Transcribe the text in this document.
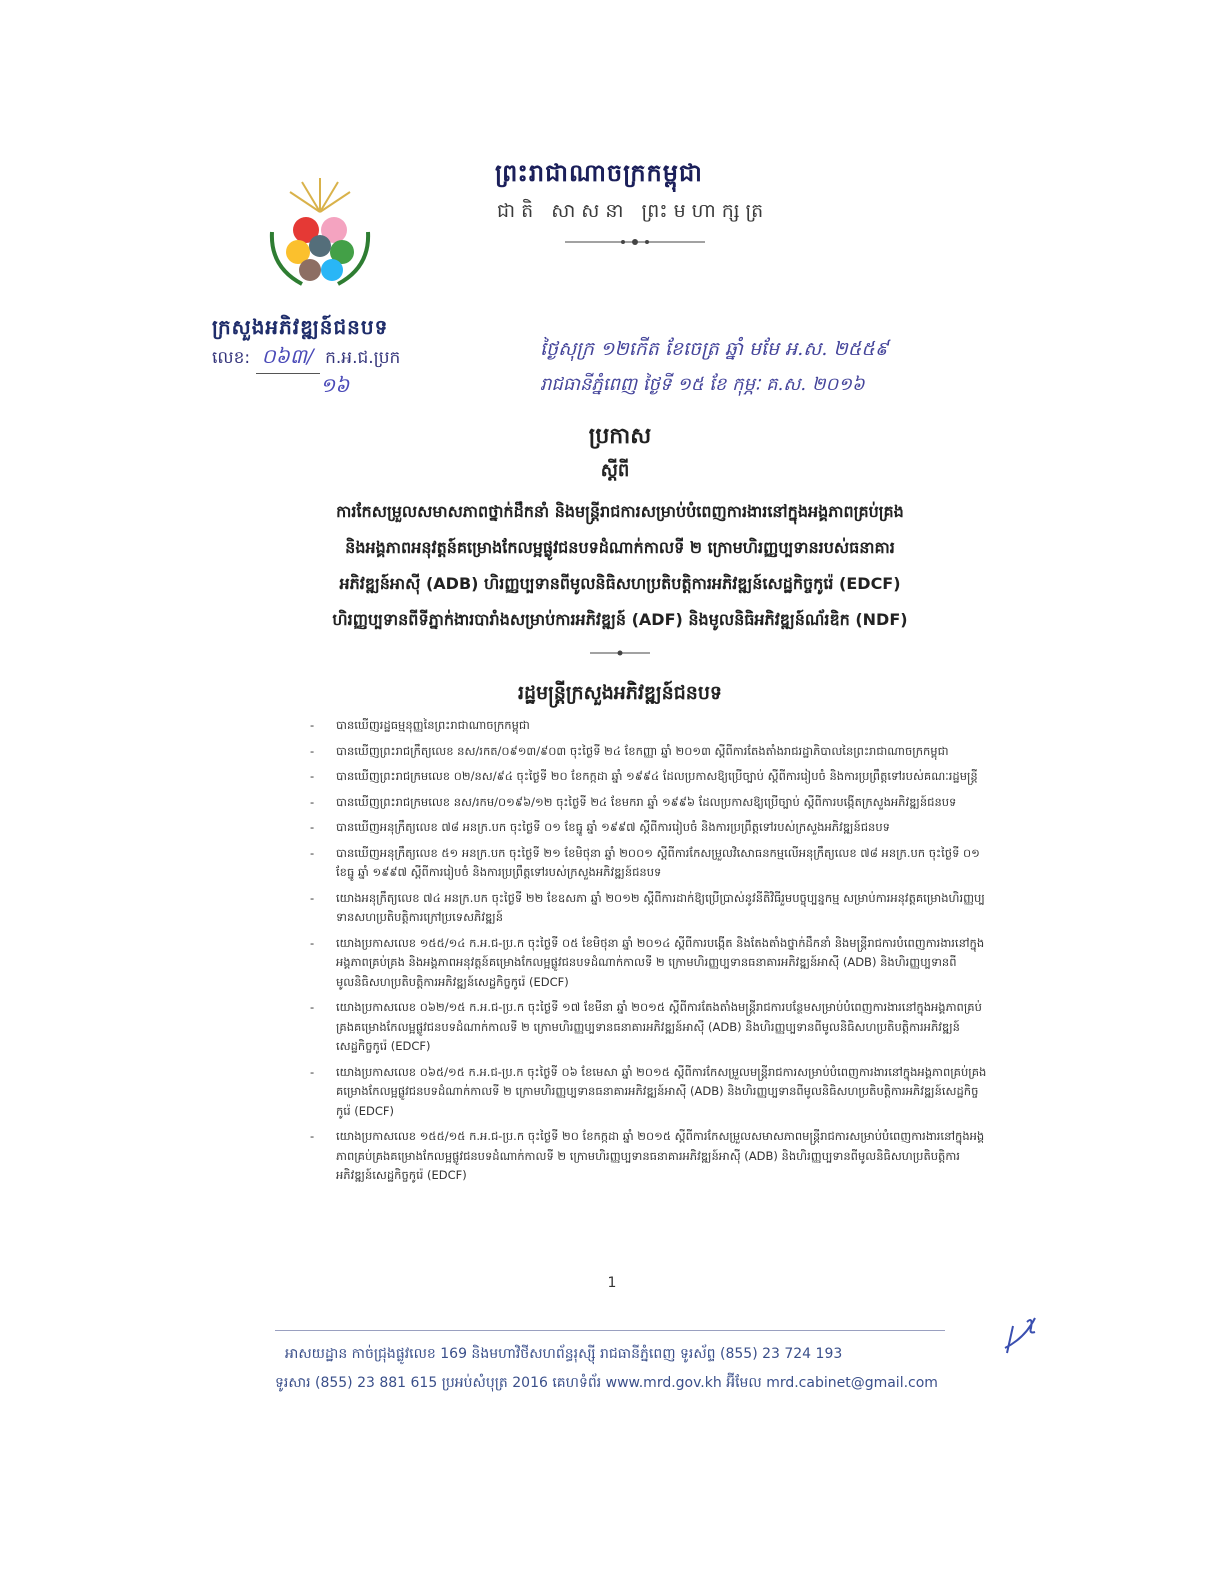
ព្រះរាជាណាចក្រកម្ពុជា
ជាតិ សាសនា ព្រះមហាក្សត្រ
ក្រសួងអភិវឌ្ឍន៍ជនបទ
លេខ: ០៦៣/ ក.អ.ជ.ប្រក
១៦
ថ្ងៃសុក្រ ១២កើត ខែចេត្រ ឆ្នាំ មមែ អ.ស. ២៥៥៩
រាជធានីភ្នំពេញ ថ្ងៃទី ១៥ ខែ កុម្ភៈ គ.ស. ២០១៦
ប្រកាស
ស្ដីពី
ការកែសម្រួលសមាសភាពថ្នាក់ដឹកនាំ និងមន្ត្រីរាជការសម្រាប់បំពេញការងារនៅក្នុងអង្គភាពគ្រប់គ្រង
និងអង្គភាពអនុវត្តន៍គម្រោងកែលម្អផ្លូវជនបទដំណាក់កាលទី ២ ក្រោមហិរញ្ញប្បទានរបស់ធនាគារ
អភិវឌ្ឍន៍អាស៊ី (ADB) ហិរញ្ញប្បទានពីមូលនិធិសហប្រតិបត្តិការអភិវឌ្ឍន៍សេដ្ឋកិច្ចកូរ៉េ (EDCF)
ហិរញ្ញប្បទានពីទីភ្នាក់ងារបារាំងសម្រាប់ការអភិវឌ្ឍន៍ (ADF) និងមូលនិធិអភិវឌ្ឍន៍ណ័រឌិក (NDF)
រដ្ឋមន្ត្រីក្រសួងអភិវឌ្ឍន៍ជនបទ
- បានឃើញរដ្ឋធម្មនុញ្ញនៃព្រះរាជាណាចក្រកម្ពុជា
- បានឃើញព្រះរាជក្រឹត្យលេខ នស/រកត/០៩១៣/៩០៣ ចុះថ្ងៃទី ២៤ ខែកញ្ញា ឆ្នាំ ២០១៣ ស្ដីពីការតែងតាំងរាជរដ្ឋាភិបាលនៃព្រះរាជាណាចក្រកម្ពុជា
- បានឃើញព្រះរាជក្រមលេខ ០២/នស/៩៤ ចុះថ្ងៃទី ២០ ខែកក្កដា ឆ្នាំ ១៩៩៤ ដែលប្រកាសឱ្យប្រើច្បាប់ ស្ដីពីការរៀបចំ និងការប្រព្រឹត្តទៅរបស់គណៈរដ្ឋមន្ត្រី
- បានឃើញព្រះរាជក្រមលេខ នស/រកម/០១៩៦/១២ ចុះថ្ងៃទី ២៤ ខែមករា ឆ្នាំ ១៩៩៦ ដែលប្រកាសឱ្យប្រើច្បាប់ ស្ដីពីការបង្កើតក្រសួងអភិវឌ្ឍន៍ជនបទ
- បានឃើញអនុក្រឹត្យលេខ ៧៨ អនក្រ.បក ចុះថ្ងៃទី ០១ ខែធ្នូ ឆ្នាំ ១៩៩៧ ស្ដីពីការរៀបចំ និងការប្រព្រឹត្តទៅរបស់ក្រសួងអភិវឌ្ឍន៍ជនបទ
- បានឃើញអនុក្រឹត្យលេខ ៥១ អនក្រ.បក ចុះថ្ងៃទី ២១ ខែមិថុនា ឆ្នាំ ២០០១ ស្ដីពីការកែសម្រួលវិសោធនកម្មលើអនុក្រឹត្យលេខ ៧៨ អនក្រ.បក ចុះថ្ងៃទី ០១ ខែធ្នូ ឆ្នាំ ១៩៩៧ ស្ដីពីការរៀបចំ និងការប្រព្រឹត្តទៅរបស់ក្រសួងអភិវឌ្ឍន៍ជនបទ
- យោងអនុក្រឹត្យលេខ ៧៤ អនក្រ.បក ចុះថ្ងៃទី ២២ ខែឧសភា ឆ្នាំ ២០១២ ស្ដីពីការដាក់ឱ្យប្រើប្រាស់នូវនីតិវិធីរួមបច្ចុប្បន្នកម្ម សម្រាប់ការអនុវត្តគម្រោងហិរញ្ញប្បទានសហប្រតិបត្តិការក្រៅប្រទេសភិវឌ្ឍន៍
- យោងប្រកាសលេខ ១៥៥/១៤ ក.អ.ជ-ប្រ.ក ចុះថ្ងៃទី ០៥ ខែមិថុនា ឆ្នាំ ២០១៤ ស្ដីពីការបង្កើត និងតែងតាំងថ្នាក់ដឹកនាំ និងមន្ត្រីរាជការបំពេញការងារនៅក្នុងអង្គភាពគ្រប់គ្រង និងអង្គភាពអនុវត្តន៍គម្រោងកែលម្អផ្លូវជនបទដំណាក់កាលទី ២ ក្រោមហិរញ្ញប្បទានធនាគារអភិវឌ្ឍន៍អាស៊ី (ADB) និងហិរញ្ញប្បទានពីមូលនិធិសហប្រតិបត្តិការអភិវឌ្ឍន៍សេដ្ឋកិច្ចកូរ៉េ (EDCF)
- យោងប្រកាសលេខ ០៦២/១៥ ក.អ.ជ-ប្រ.ក ចុះថ្ងៃទី ១៧ ខែមីនា ឆ្នាំ ២០១៥ ស្ដីពីការតែងតាំងមន្ត្រីរាជការបន្ថែមសម្រាប់បំពេញការងារនៅក្នុងអង្គភាពគ្រប់គ្រងគម្រោងកែលម្អផ្លូវជនបទដំណាក់កាលទី ២ ក្រោមហិរញ្ញប្បទានធនាគារអភិវឌ្ឍន៍អាស៊ី (ADB) និងហិរញ្ញប្បទានពីមូលនិធិសហប្រតិបត្តិការអភិវឌ្ឍន៍សេដ្ឋកិច្ចកូរ៉េ (EDCF)
- យោងប្រកាសលេខ ០៦៥/១៥ ក.អ.ជ-ប្រ.ក ចុះថ្ងៃទី ០៦ ខែមេសា ឆ្នាំ ២០១៥ ស្ដីពីការកែសម្រួលមន្ត្រីរាជការសម្រាប់បំពេញការងារនៅក្នុងអង្គភាពគ្រប់គ្រងគម្រោងកែលម្អផ្លូវជនបទដំណាក់កាលទី ២ ក្រោមហិរញ្ញប្បទានធនាគារអភិវឌ្ឍន៍អាស៊ី (ADB) និងហិរញ្ញប្បទានពីមូលនិធិសហប្រតិបត្តិការអភិវឌ្ឍន៍សេដ្ឋកិច្ចកូរ៉េ (EDCF)
- យោងប្រកាសលេខ ១៥៥/១៥ ក.អ.ជ-ប្រ.ក ចុះថ្ងៃទី ២០ ខែកក្កដា ឆ្នាំ ២០១៥ ស្ដីពីការកែសម្រួលសមាសភាពមន្ត្រីរាជការសម្រាប់បំពេញការងារនៅក្នុងអង្គភាពគ្រប់គ្រងគម្រោងកែលម្អផ្លូវជនបទដំណាក់កាលទី ២ ក្រោមហិរញ្ញប្បទានធនាគារអភិវឌ្ឍន៍អាស៊ី (ADB) និងហិរញ្ញប្បទានពីមូលនិធិសហប្រតិបត្តិការអភិវឌ្ឍន៍សេដ្ឋកិច្ចកូរ៉េ (EDCF)
1
អាសយដ្ឋាន កាច់ជ្រុងផ្លូវលេខ 169 និងមហាវិថីសហព័ន្ធរុស្ស៊ី រាជធានីភ្នំពេញ ទូរស័ព្ទ (855) 23 724 193
ទូរសារ (855) 23 881 615 ប្រអប់សំបុត្រ 2016 គេហទំព័រ www.mrd.gov.kh អ៊ីមែល mrd.cabinet@gmail.com
